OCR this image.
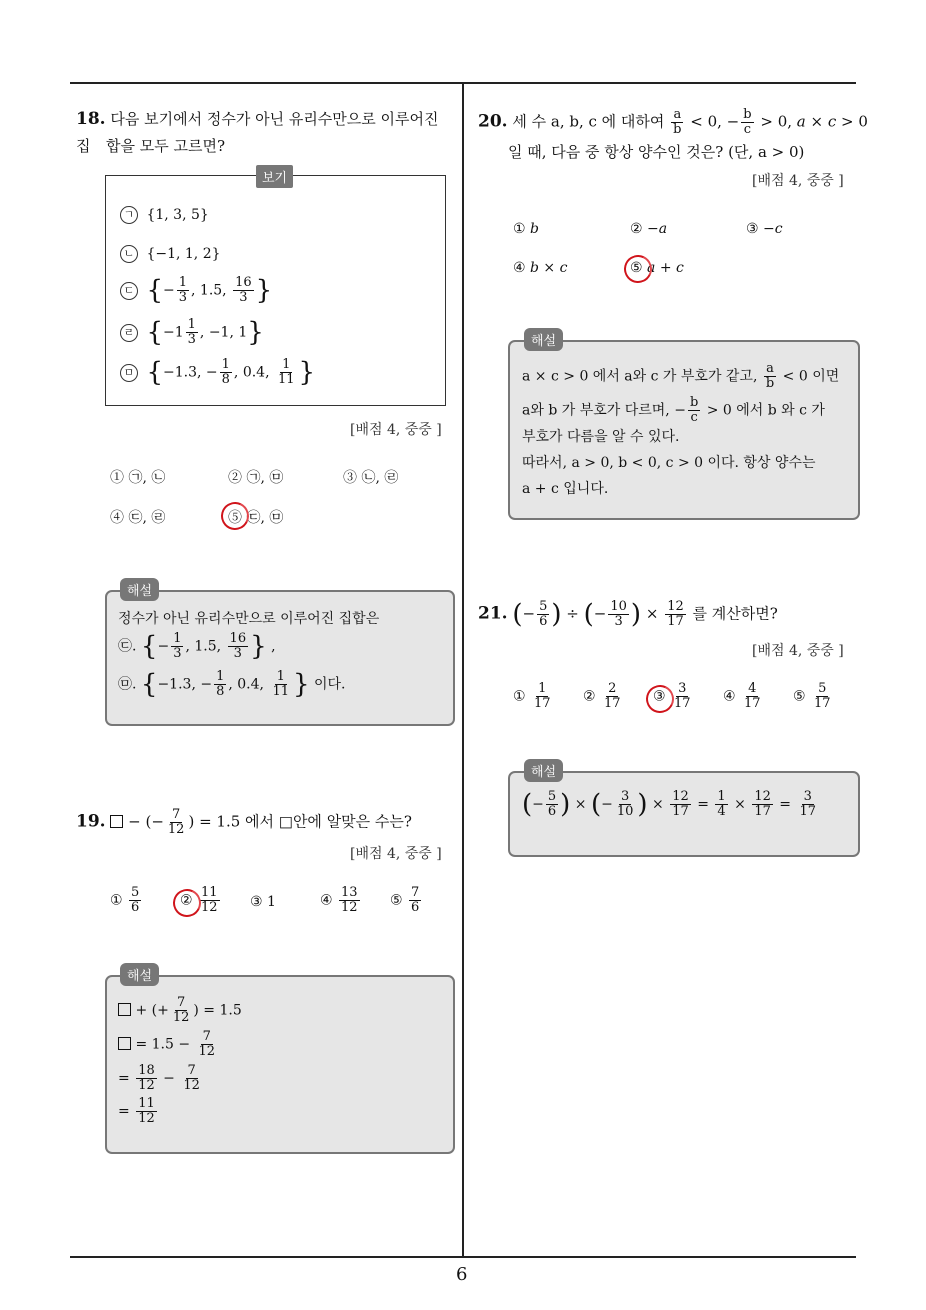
6
18. 다음 보기에서 정수가 아닌 유리수만으로 이루어진 집	합을 모두 고르면?
보기
ㄱ {1, 3, 5}
ㄴ {−1, 1, 2}
ㄷ {− $\frac{1}{3}$ , 1.5, $\frac{16}{3}$ }
ㄹ {$-1 \frac{1}{3}$ , −1, 1}
ㅁ {−1.3, − $\frac{1}{8}$ , 0.4, $\frac{1}{11}$ }
[배점 4, 중중 ]
① ㉠, ㉡	② ㉠, ㉤	③ ㉡, ㉣
④ ㉢, ㉣	⑤ ㉢, ㉤
해설
정수가 아닌 유리수만으로 이루어진 집합은
㉢. {− $\frac{1}{3}$ , 1.5, $\frac{16}{3}$ } ,
㉤. {−1.3, − $\frac{1}{8}$ , 0.4, $\frac{1}{11}$ } 이다.
19.  − (− $\frac{7}{12}$ ) = 1.5 에서 □안에 알맞은 수는?
[배점 4, 중중 ]
① $\frac{5}{6}$	② $\frac{11}{12}$ ③ 1	④ $\frac{13}{12}$ ⑤ $\frac{7}{6}$
해설
+ (+ $\frac{7}{12}$ ) = 1.5
= $1.5 - \frac{7}{12}$
= $\frac{18}{12} - \frac{7}{12}$
= $\frac{11}{12}$
20. 세 수 a, b, c 에 대하여 $\frac{a}{b} < 0$, − $\frac{b}{c} > 0$, a × c > 0
일 때, 다음 중 항상 양수인 것은? (단, a > 0)
[배점 4, 중중 ]
① b	② −a	③ −c
④ b × c	⑤ a + c
해설
a × c > 0 에서 a와 c 가 부호가 같고, $\frac{a}{b} < 0$ 이면
a와 b 가 부호가 다르며, − $\frac{b}{c} > 0$ 에서 b 와 c 가
부호가 다름을 알 수 있다.
따라서, a > 0, b < 0, c > 0 이다. 항상 양수는
a + c 입니다.
21. (− $\frac{5}{6}$ ) ÷ (− $\frac{10}{3}$ ) × $\frac{12}{17}$ 를 계산하면?
[배점 4, 중중 ]
① $\frac{1}{17}$ ② $\frac{2}{17}$ ③ $\frac{3}{17}$ ④ $\frac{4}{17}$ ⑤ $\frac{5}{17}$
해설
(− $\frac{5}{6}$ ) × (− $\frac{3}{10}$ ) × $\frac{12}{17} = \frac{1}{4} \times \frac{12}{17} = \frac{3}{17}$
